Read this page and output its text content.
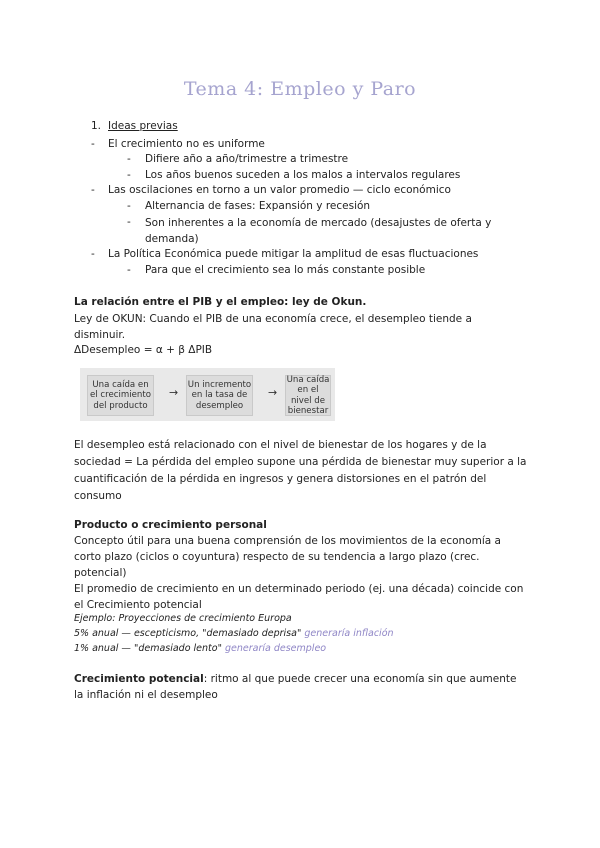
Tema 4: Empleo y Paro
1. Ideas previas
- El crecimiento no es uniforme
- Difiere año a año/trimestre a trimestre
- Los años buenos suceden a los malos a intervalos regulares
- Las oscilaciones en torno a un valor promedio — ciclo económico
- Alternancia de fases: Expansión y recesión
- Son inherentes a la economía de mercado (desajustes de oferta y demanda)
- La Política Económica puede mitigar la amplitud de esas fluctuaciones
- Para que el crecimiento sea lo más constante posible
La relación entre el PIB y el empleo: ley de Okun.
Ley de OKUN: Cuando el PIB de una economía crece, el desempleo tiende a disminuir.
ΔDesempleo = α + β ΔPIB
Una caída en el crecimiento del producto
→
Un incremento en la tasa de desempleo
→
Una caída en el nivel de bienestar
El desempleo está relacionado con el nivel de bienestar de los hogares y de la sociedad = La pérdida del empleo supone una pérdida de bienestar muy superior a la cuantificación de la pérdida en ingresos y genera distorsiones en el patrón del consumo
Producto o crecimiento personal
Concepto útil para una buena comprensión de los movimientos de la economía a corto plazo (ciclos o coyuntura) respecto de su tendencia a largo plazo (crec. potencial)
El promedio de crecimiento en un determinado periodo (ej. una década) coincide con el Crecimiento potencial
Ejemplo: Proyecciones de crecimiento Europa
5% anual — escepticismo, "demasiado deprisa" generaría inflación
1% anual — "demasiado lento" generaría desempleo
Crecimiento potencial: ritmo al que puede crecer una economía sin que aumente la inflación ni el desempleo
